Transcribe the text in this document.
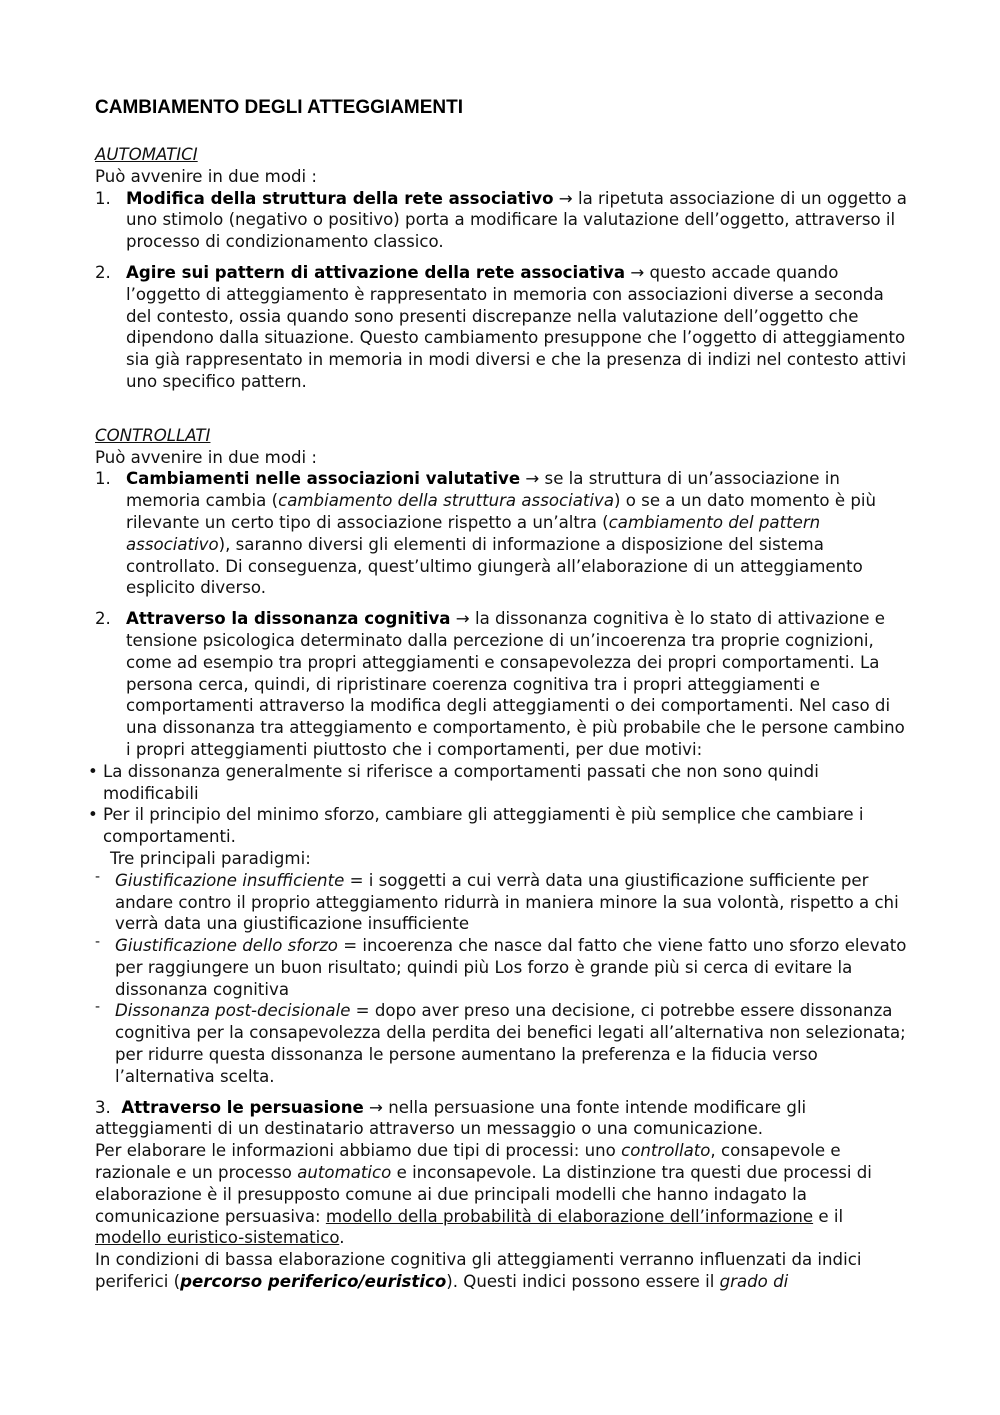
CAMBIAMENTO DEGLI ATTEGGIAMENTI
AUTOMATICI
Può avvenire in due modi :
1. Modifica della struttura della rete associativo → la ripetuta associazione di un oggetto a uno stimolo (negativo o positivo) porta a modificare la valutazione dell’oggetto, attraverso il processo di condizionamento classico.
2. Agire sui pattern di attivazione della rete associativa → questo accade quando l’oggetto di atteggiamento è rappresentato in memoria con associazioni diverse a seconda del contesto, ossia quando sono presenti discrepanze nella valutazione dell’oggetto che dipendono dalla situazione. Questo cambiamento presuppone che l’oggetto di atteggiamento sia già rappresentato in memoria in modi diversi e che la presenza di indizi nel contesto attivi uno specifico pattern.
CONTROLLATI
Può avvenire in due modi :
1. Cambiamenti nelle associazioni valutative → se la struttura di un’associazione in memoria cambia (cambiamento della struttura associativa) o se a un dato momento è più rilevante un certo tipo di associazione rispetto a un’altra (cambiamento del pattern associativo), saranno diversi gli elementi di informazione a disposizione del sistema controllato. Di conseguenza, quest’ultimo giungerà all’elaborazione di un atteggiamento esplicito diverso.
2. Attraverso la dissonanza cognitiva → la dissonanza cognitiva è lo stato di attivazione e tensione psicologica determinato dalla percezione di un’incoerenza tra proprie cognizioni, come ad esempio tra propri atteggiamenti e consapevolezza dei propri comportamenti. La persona cerca, quindi, di ripristinare coerenza cognitiva tra i propri atteggiamenti e comportamenti attraverso la modifica degli atteggiamenti o dei comportamenti. Nel caso di una dissonanza tra atteggiamento e comportamento, è più probabile che le persone cambino i propri atteggiamenti piuttosto che i comportamenti, per due motivi:
• La dissonanza generalmente si riferisce a comportamenti passati che non sono quindi modificabili
• Per il principio del minimo sforzo, cambiare gli atteggiamenti è più semplice che cambiare i comportamenti.
Tre principali paradigmi:
- Giustificazione insufficiente = i soggetti a cui verrà data una giustificazione sufficiente per andare contro il proprio atteggiamento ridurrà in maniera minore la sua volontà, rispetto a chi verrà data una giustificazione insufficiente
- Giustificazione dello sforzo = incoerenza che nasce dal fatto che viene fatto uno sforzo elevato per raggiungere un buon risultato; quindi più Los forzo è grande più si cerca di evitare la dissonanza cognitiva
- Dissonanza post-decisionale = dopo aver preso una decisione, ci potrebbe essere dissonanza cognitiva per la consapevolezza della perdita dei benefici legati all’alternativa non selezionata; per ridurre questa dissonanza le persone aumentano la preferenza e la fiducia verso l’alternativa scelta.
3. Attraverso le persuasione → nella persuasione una fonte intende modificare gli atteggiamenti di un destinatario attraverso un messaggio o una comunicazione.
Per elaborare le informazioni abbiamo due tipi di processi: uno controllato, consapevole e razionale e un processo automatico e inconsapevole. La distinzione tra questi due processi di elaborazione è il presupposto comune ai due principali modelli che hanno indagato la comunicazione persuasiva: modello della probabilità di elaborazione dell’informazione e il modello euristico-sistematico.
In condizioni di bassa elaborazione cognitiva gli atteggiamenti verranno influenzati da indici periferici (percorso periferico/euristico). Questi indici possono essere il grado di
